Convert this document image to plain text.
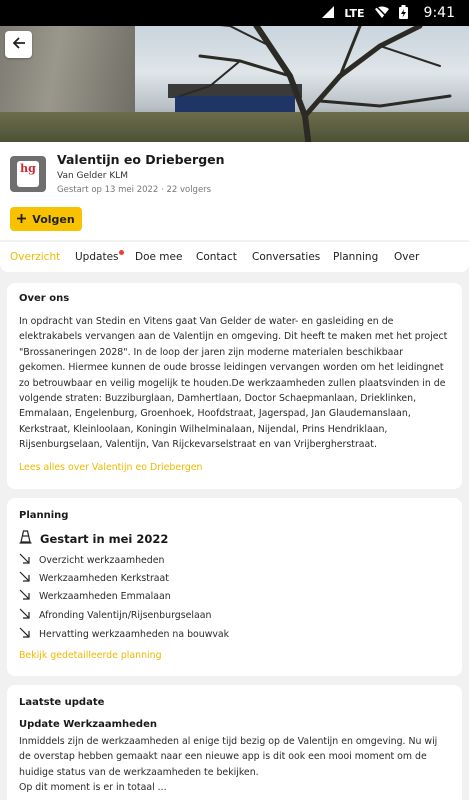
LTE	9:41
hg
Valentijn eo Driebergen
Van Gelder KLM
Gestart op 13 mei 2022 · 22 volgers
Volgen
Overzicht Updates Doe mee Contact Conversaties Planning Over
Over ons
In opdracht van Stedin en Vitens gaat Van Gelder de water- en gasleiding en de elektrakabels vervangen aan de Valentijn en omgeving. Dit heeft te maken met het project "Brossaneringen 2028". In de loop der jaren zijn moderne materialen beschikbaar gekomen. Hiermee kunnen de oude brosse leidingen vervangen worden om het leidingnet zo betrouwbaar en veilig mogelijk te houden.De werkzaamheden zullen plaatsvinden in de volgende straten: Buzziburglaan, Damhertlaan, Doctor Schaepmanlaan, Drieklinken, Emmalaan, Engelenburg, Groenhoek, Hoofdstraat, Jagerspad, Jan Glaudemanslaan, Kerkstraat, Kleinloolaan, Koningin Wilhelminalaan, Nijendal, Prins Hendriklaan, Rijsenburgselaan, Valentijn, Van Rijckevarselstraat en van Vrijbergherstraat.
Lees alles over Valentijn eo Driebergen
Planning
Gestart in mei 2022
Overzicht werkzaamheden
Werkzaamheden Kerkstraat
Werkzaamheden Emmalaan
Afronding Valentijn/Rijsenburgselaan
Hervatting werkzaamheden na bouwvak
Bekijk gedetailleerde planning
Laatste update
Update Werkzaamheden
Inmiddels zijn de werkzaamheden al enige tijd bezig op de Valentijn en omgeving. Nu wij de overstap hebben gemaakt naar een nieuwe app is dit ook een mooi moment om de huidige status van de werkzaamheden te bekijken.
Op dit moment is er in totaal ...
